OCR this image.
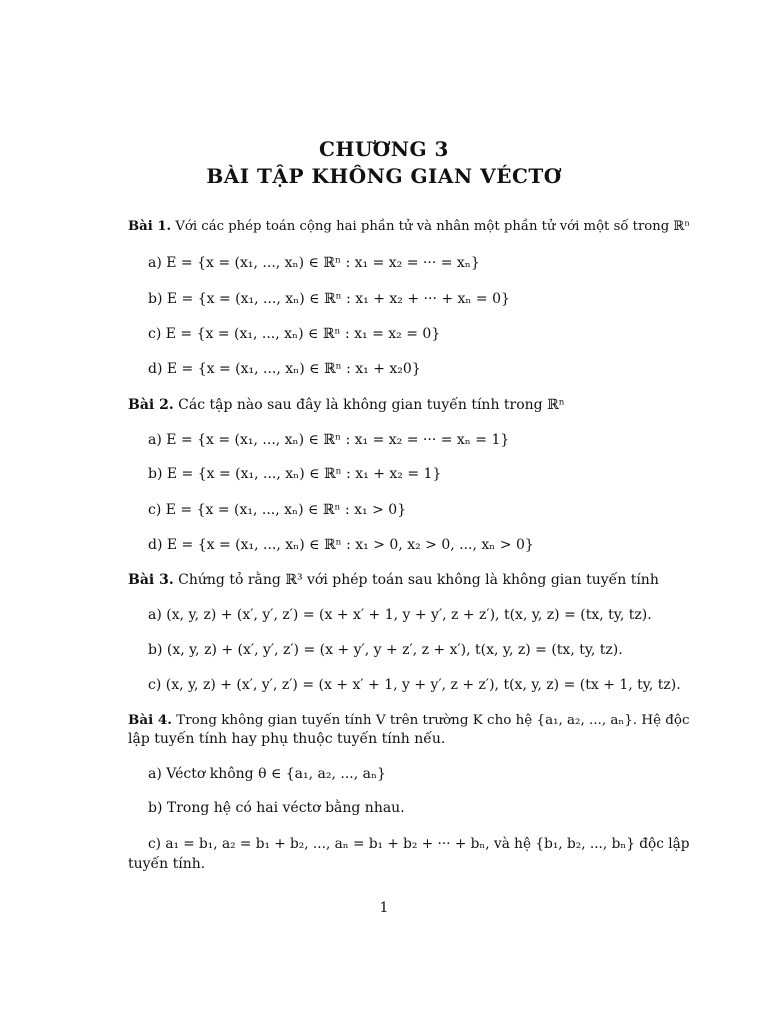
CHƯƠNG 3
BÀI TẬP KHÔNG GIAN VÉCTƠ
Bài 1. Với các phép toán cộng hai phần tử và nhân một phần tử với một số trong ℝⁿ
a) E = {x = (x₁, ..., xₙ) ∈ ℝⁿ : x₁ = x₂ = ··· = xₙ}
b) E = {x = (x₁, ..., xₙ) ∈ ℝⁿ : x₁ + x₂ + ··· + xₙ = 0}
c) E = {x = (x₁, ..., xₙ) ∈ ℝⁿ : x₁ = x₂ = 0}
d) E = {x = (x₁, ..., xₙ) ∈ ℝⁿ : x₁ + x₂0}
Bài 2. Các tập nào sau đây là không gian tuyến tính trong ℝⁿ
a) E = {x = (x₁, ..., xₙ) ∈ ℝⁿ : x₁ = x₂ = ··· = xₙ = 1}
b) E = {x = (x₁, ..., xₙ) ∈ ℝⁿ : x₁ + x₂ = 1}
c) E = {x = (x₁, ..., xₙ) ∈ ℝⁿ : x₁ > 0}
d) E = {x = (x₁, ..., xₙ) ∈ ℝⁿ : x₁ > 0, x₂ > 0, ..., xₙ > 0}
Bài 3. Chứng tỏ rằng ℝ³ với phép toán sau không là không gian tuyến tính
a) (x, y, z) + (x′, y′, z′) = (x + x′ + 1, y + y′, z + z′), t(x, y, z) = (tx, ty, tz).
b) (x, y, z) + (x′, y′, z′) = (x + y′, y + z′, z + x′), t(x, y, z) = (tx, ty, tz).
c) (x, y, z) + (x′, y′, z′) = (x + x′ + 1, y + y′, z + z′), t(x, y, z) = (tx + 1, ty, tz).
Bài 4. Trong không gian tuyến tính V trên trường K cho hệ {a₁, a₂, ..., aₙ}. Hệ độc
lập tuyến tính hay phụ thuộc tuyến tính nếu.
a) Véctơ không θ ∈ {a₁, a₂, ..., aₙ}
b) Trong hệ có hai véctơ bằng nhau.
c) a₁ = b₁, a₂ = b₁ + b₂, ..., aₙ = b₁ + b₂ + ··· + bₙ, và hệ {b₁, b₂, ..., bₙ} độc lập
tuyến tính.
1
